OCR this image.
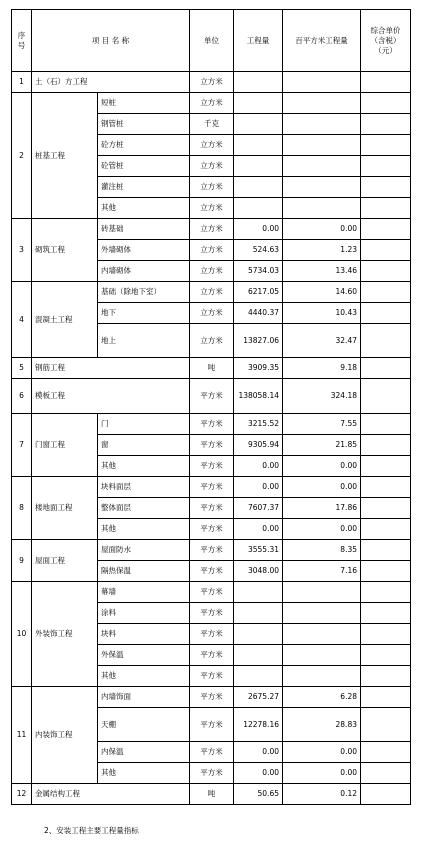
序号	项 目 名 称		单位	工程量	百平方米工程量	综合单价（含税）（元）
1	土（石）方工程		立方米			
2	桩基工程	短桩	立方米			
		钢管桩	千克			
		砼方桩	立方米			
		砼管桩	立方米			
		灌注桩	立方米			
		其他	立方米			
3	砌筑工程	砖基础	立方米	0.00	0.00	
		外墙砌体	立方米	524.63	1.23	
		内墙砌体	立方米	5734.03	13.46	
4	混凝土工程	基础（除地下室）	立方米	6217.05	14.60	
		地下	立方米	4440.37	10.43	
		地上	立方米	13827.06	32.47	
5	钢筋工程		吨	3909.35	9.18	
6	模板工程		平方米	138058.14	324.18	
7	门窗工程	门	平方米	3215.52	7.55	
		窗	平方米	9305.94	21.85	
		其他	平方米	0.00	0.00	
8	楼地面工程	块料面层	平方米	0.00	0.00	
		整体面层	平方米	7607.37	17.86	
		其他	平方米	0.00	0.00	
9	屋面工程	屋面防水	平方米	3555.31	8.35	
		隔热保温	平方米	3048.00	7.16	
10	外装饰工程	幕墙	平方米			
		涂料	平方米			
		块料	平方米			
		外保温	平方米			
		其他	平方米			
11	内装饰工程	内墙饰面	平方米	2675.27	6.28	
		天棚	平方米	12278.16	28.83	
		内保温	平方米	0.00	0.00	
		其他	平方米	0.00	0.00	
12	金属结构工程		吨	50.65	0.12	
2、安装工程主要工程量指标
